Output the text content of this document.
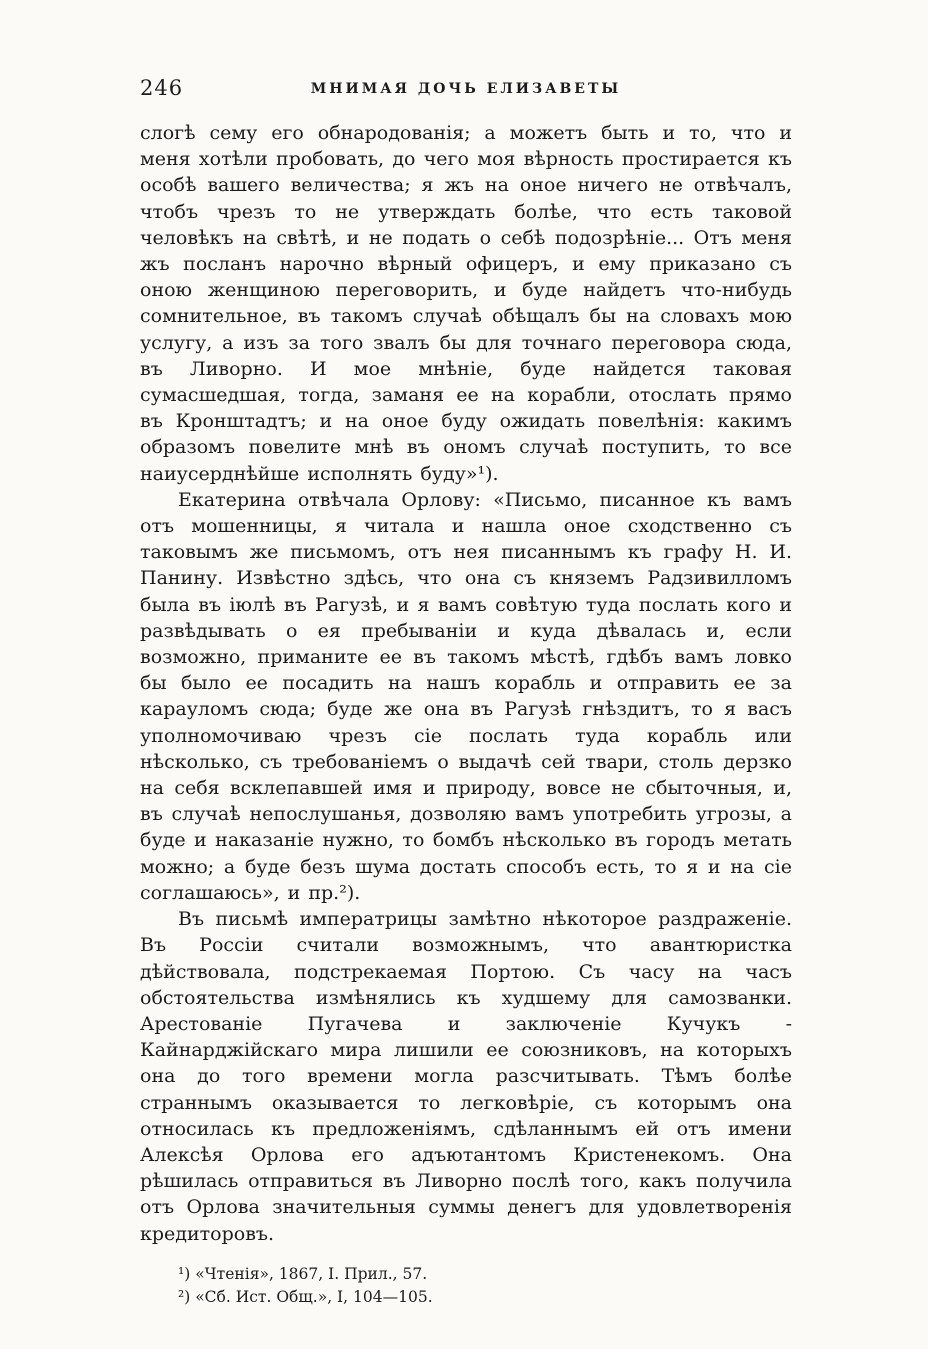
246	МНИМАЯ ДОЧЬ ЕЛИЗАВЕТЫ

слогѣ сему его обнародованія; а можетъ быть и то, что и меня хотѣли пробовать, до чего моя вѣрность простирается къ особѣ вашего величества; я жъ на оное ничего не отвѣчалъ, чтобъ чрезъ то не утверждать болѣе, что есть таковой человѣкъ на свѣтѣ, и не подать о себѣ подозрѣніе... Отъ меня жъ посланъ нарочно вѣрный офицеръ, и ему приказано съ оною женщиною переговорить, и буде найдетъ что-нибудь сомнительное, въ такомъ случаѣ обѣщалъ бы на словахъ мою услугу, а изъ за того звалъ бы для точнаго переговора сюда, въ Ливорно. И мое мнѣніе, буде найдется таковая сумасшедшая, тогда, заманя ее на корабли, отослать прямо въ Кронштадтъ; и на оное буду ожидать повелѣнія: какимъ образомъ повелите мнѣ въ ономъ случаѣ поступить, то все наиусерднѣйше исполнять буду»¹).

Екатерина отвѣчала Орлову: «Письмо, писанное къ вамъ отъ мошенницы, я читала и нашла оное сходственно съ таковымъ же письмомъ, отъ нея писаннымъ къ графу Н. И. Панину. Извѣстно здѣсь, что она съ княземъ Радзивилломъ была въ іюлѣ въ Рагузѣ, и я вамъ совѣтую туда послать кого и развѣдывать о ея пребываніи и куда дѣвалась и, если возможно, приманите ее въ такомъ мѣстѣ, гдѣбъ вамъ ловко бы было ее посадить на нашъ корабль и отправить ее за карауломъ сюда; буде же она въ Рагузѣ гнѣздитъ, то я васъ уполномочиваю чрезъ сіе послать туда корабль или нѣсколько, съ требованіемъ о выдачѣ сей твари, столь дерзко на себя всклепавшей имя и природу, вовсе не сбыточныя, и, въ случаѣ непослушанья, дозволяю вамъ употребить угрозы, а буде и наказаніе нужно, то бомбъ нѣсколько въ городъ метать можно; а буде безъ шума достать способъ есть, то я и на сіе соглашаюсь», и пр.²).

Въ письмѣ императрицы замѣтно нѣкоторое раздраженіе. Въ Россіи считали возможнымъ, что авантюристка дѣйствовала, подстрекаемая Портою. Съ часу на часъ обстоятельства измѣнялись къ худшему для самозванки. Арестованіе Пугачева и заключеніе Кучукъ - Кайнарджійскаго мира лишили ее союзниковъ, на которыхъ она до того времени могла разсчитывать. Тѣмъ болѣе страннымъ оказывается то легковѣріе, съ которымъ она относилась къ предложеніямъ, сдѣланнымъ ей отъ имени Алексѣя Орлова его адъютантомъ Кристенекомъ. Она рѣшилась отправиться въ Ливорно послѣ того, какъ получила отъ Орлова значительныя суммы денегъ для удовлетворенія кредиторовъ.

¹) «Чтенія», 1867, I. Прил., 57.

²) «Сб. Ист. Общ.», I, 104—105.
